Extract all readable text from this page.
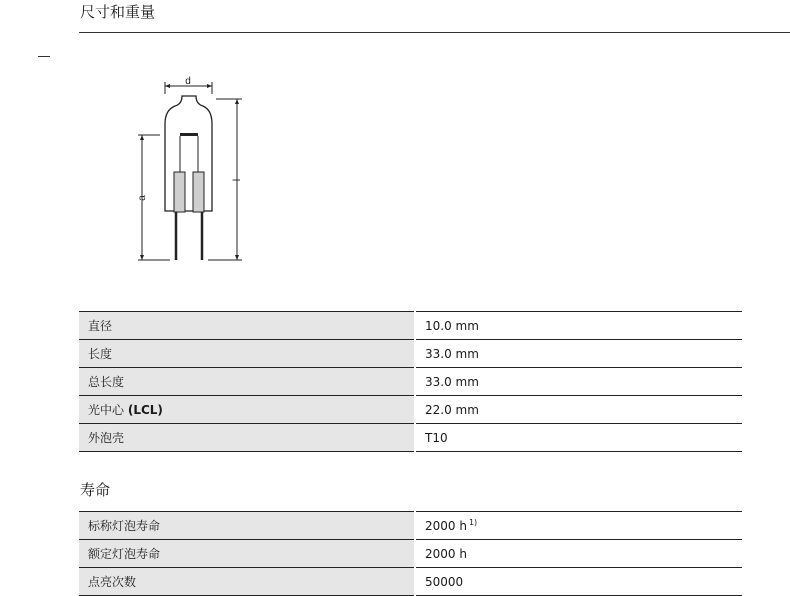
尺寸和重量
d
a
l
直径	10.0 mm
长度	33.0 mm
总长度	33.0 mm
光中心 (LCL)	22.0 mm
外泡壳	T10
寿命
标称灯泡寿命	2000 h $^{1)}$
额定灯泡寿命	2000 h
点亮次数	50000
